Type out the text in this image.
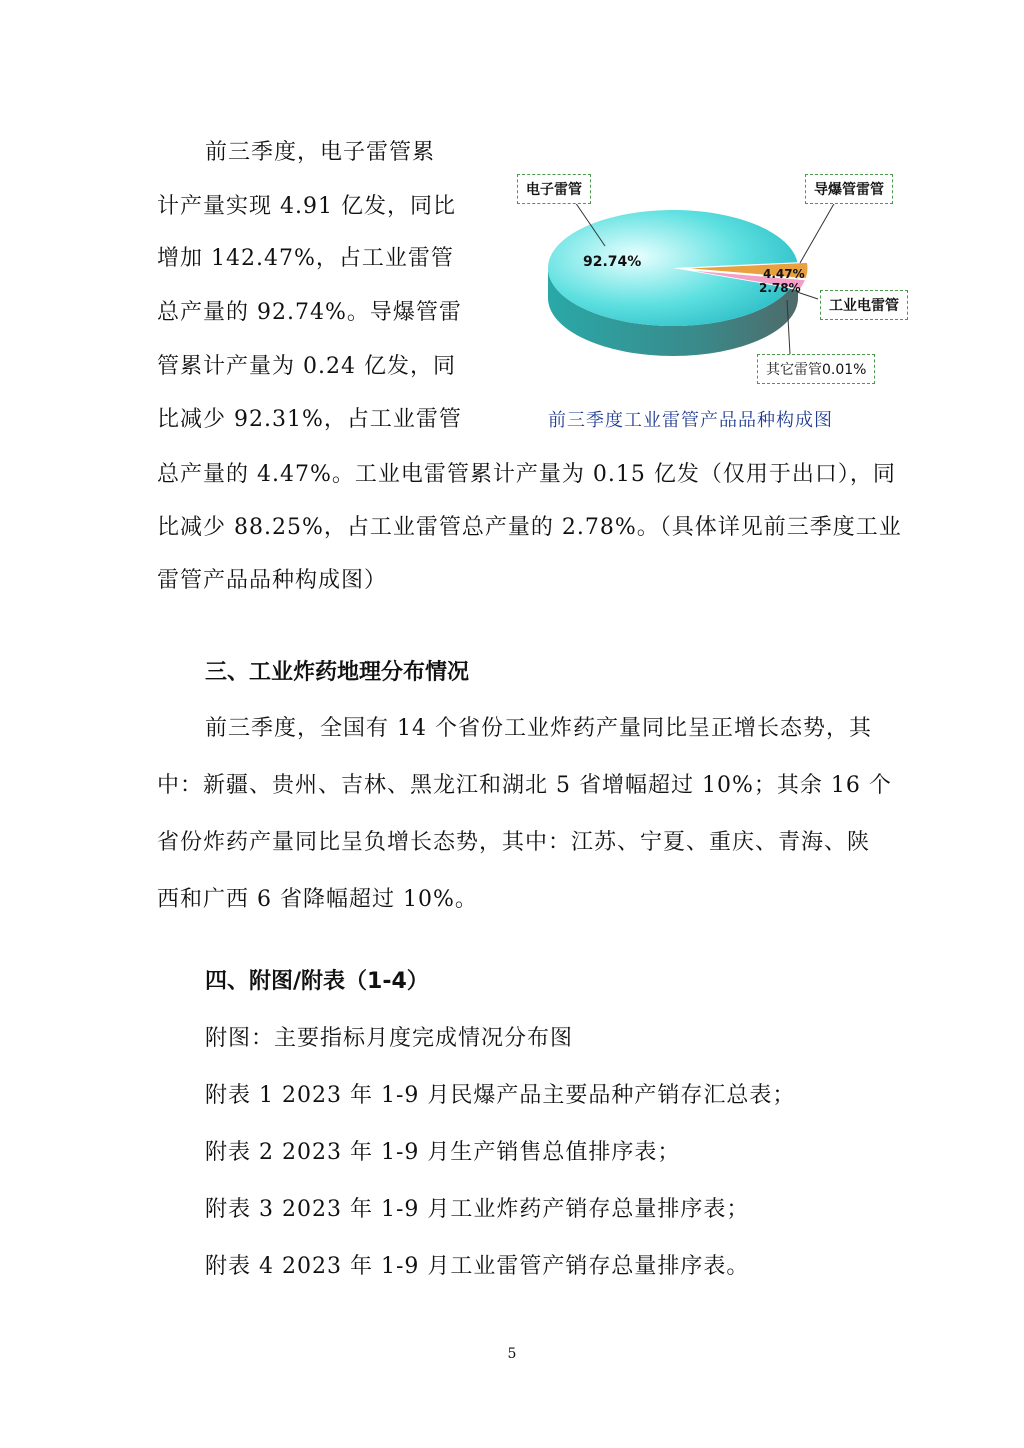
前三季度，电子雷管累
计产量实现 4.91 亿发，同比
增加 142.47%，占工业雷管
总产量的 92.74%。导爆管雷
管累计产量为 0.24 亿发，同
比减少 92.31%，占工业雷管
总产量的 4.47%。工业电雷管累计产量为 0.15 亿发（仅用于出口），同
比减少 88.25%，占工业雷管总产量的 2.78%。（具体详见前三季度工业
雷管产品品种构成图）
92.74%
4.47%
2.78%
电子雷管	导爆管雷管
工业电雷管
其它雷管0.01%
前三季度工业雷管产品品种构成图
三、工业炸药地理分布情况
前三季度，全国有 14 个省份工业炸药产量同比呈正增长态势，其
中：新疆、贵州、吉林、黑龙江和湖北 5 省增幅超过 10%；其余 16 个
省份炸药产量同比呈负增长态势，其中：江苏、宁夏、重庆、青海、陕
西和广西 6 省降幅超过 10%。
四、附图/附表（1-4）
附图：主要指标月度完成情况分布图
附表 1 2023 年 1-9 月民爆产品主要品种产销存汇总表；
附表 2 2023 年 1-9 月生产销售总值排序表；
附表 3 2023 年 1-9 月工业炸药产销存总量排序表；
附表 4 2023 年 1-9 月工业雷管产销存总量排序表。
5
